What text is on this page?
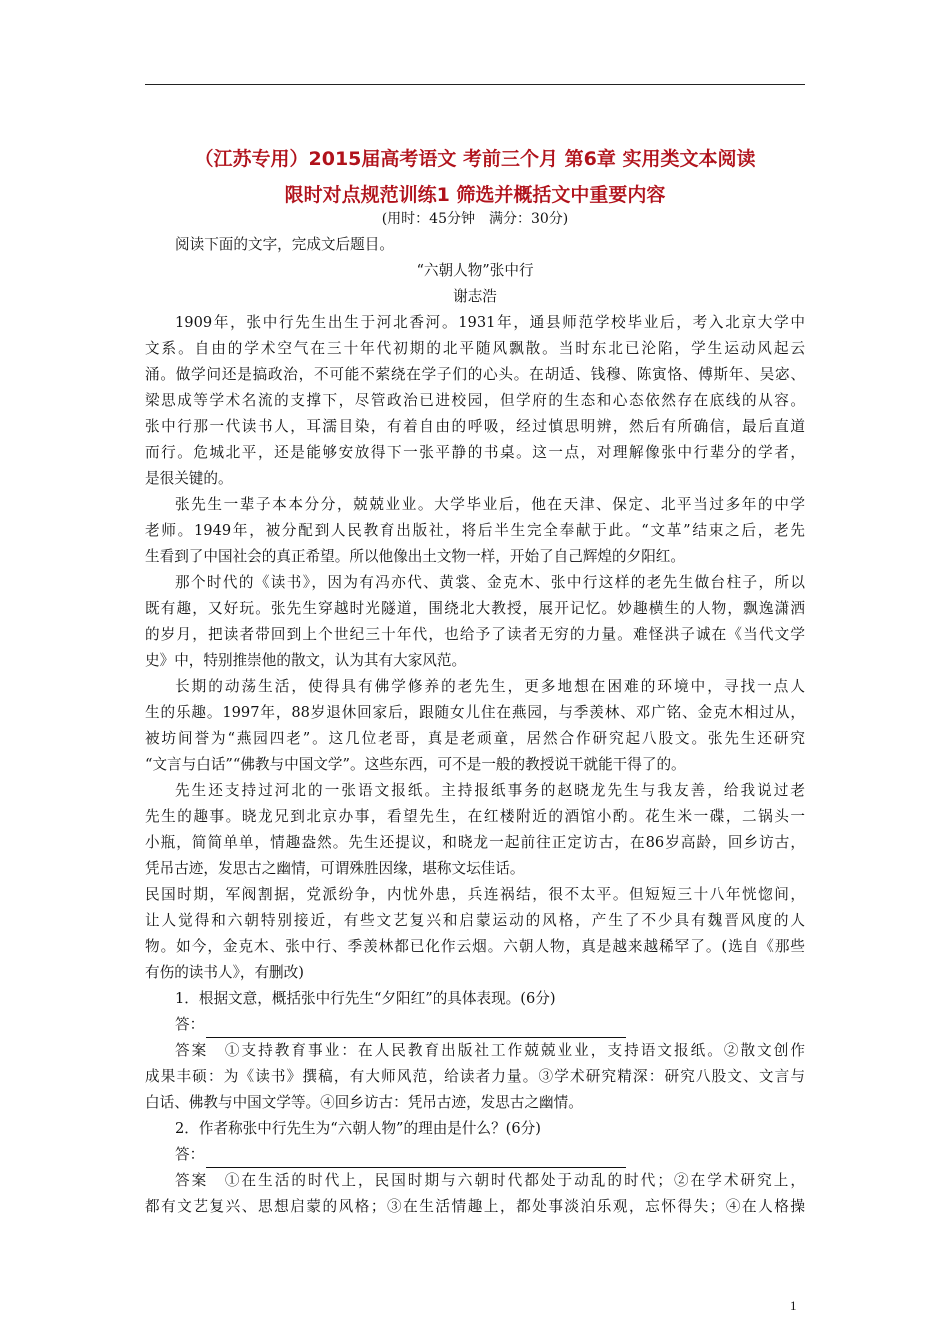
（江苏专用）2015届高考语文 考前三个月 第6章 实用类文本阅读
限时对点规范训练1 筛选并概括文中重要内容
(用时：45分钟　满分：30分)
阅读下面的文字，完成文后题目。
“六朝人物”张中行
谢志浩
1909年，张中行先生出生于河北香河。1931年，通县师范学校毕业后，考入北京大学中
文系。自由的学术空气在三十年代初期的北平随风飘散。当时东北已沦陷，学生运动风起云
涌。做学问还是搞政治，不可能不萦绕在学子们的心头。在胡适、钱穆、陈寅恪、傅斯年、吴宓、
梁思成等学术名流的支撑下，尽管政治已进校园，但学府的生态和心态依然存在底线的从容。
张中行那一代读书人，耳濡目染，有着自由的呼吸，经过慎思明辨，然后有所确信，最后直道
而行。危城北平，还是能够安放得下一张平静的书桌。这一点，对理解像张中行辈分的学者，
是很关键的。
张先生一辈子本本分分，兢兢业业。大学毕业后，他在天津、保定、北平当过多年的中学
老师。1949年，被分配到人民教育出版社，将后半生完全奉献于此。“文革”结束之后，老先
生看到了中国社会的真正希望。所以他像出土文物一样，开始了自己辉煌的夕阳红。
那个时代的《读书》，因为有冯亦代、黄裳、金克木、张中行这样的老先生做台柱子，所以
既有趣，又好玩。张先生穿越时光隧道，围绕北大教授，展开记忆。妙趣横生的人物，飘逸潇洒
的岁月，把读者带回到上个世纪三十年代，也给予了读者无穷的力量。难怪洪子诚在《当代文学
史》中，特别推崇他的散文，认为其有大家风范。
长期的动荡生活，使得具有佛学修养的老先生，更多地想在困难的环境中，寻找一点人
生的乐趣。1997年，88岁退休回家后，跟随女儿住在燕园，与季羡林、邓广铭、金克木相过从，
被坊间誉为“燕园四老”。这几位老哥，真是老顽童，居然合作研究起八股文。张先生还研究
“文言与白话”“佛教与中国文学”。这些东西，可不是一般的教授说干就能干得了的。
先生还支持过河北的一张语文报纸。主持报纸事务的赵晓龙先生与我友善，给我说过老
先生的趣事。晓龙兄到北京办事，看望先生，在红楼附近的酒馆小酌。花生米一碟，二锅头一
小瓶，简简单单，情趣盎然。先生还提议，和晓龙一起前往正定访古，在86岁高龄，回乡访古，
凭吊古迹，发思古之幽情，可谓殊胜因缘，堪称文坛佳话。
民国时期，军阀割据，党派纷争，内忧外患，兵连祸结，很不太平。但短短三十八年恍惚间，
让人觉得和六朝特别接近，有些文艺复兴和启蒙运动的风格，产生了不少具有魏晋风度的人
物。如今，金克木、张中行、季羡林都已化作云烟。六朝人物，真是越来越稀罕了。(选自《那些
有伤的读书人》，有删改)
1．根据文意，概括张中行先生“夕阳红”的具体表现。(6分)
答：
答案　①支持教育事业：在人民教育出版社工作兢兢业业，支持语文报纸。②散文创作
成果丰硕：为《读书》撰稿，有大师风范，给读者力量。③学术研究精深：研究八股文、文言与
白话、佛教与中国文学等。④回乡访古：凭吊古迹，发思古之幽情。
2．作者称张中行先生为“六朝人物”的理由是什么？(6分)
答：
答案　①在生活的时代上，民国时期与六朝时代都处于动乱的时代；②在学术研究上，
都有文艺复兴、思想启蒙的风格；③在生活情趣上，都处事淡泊乐观，忘怀得失；④在人格操
1
